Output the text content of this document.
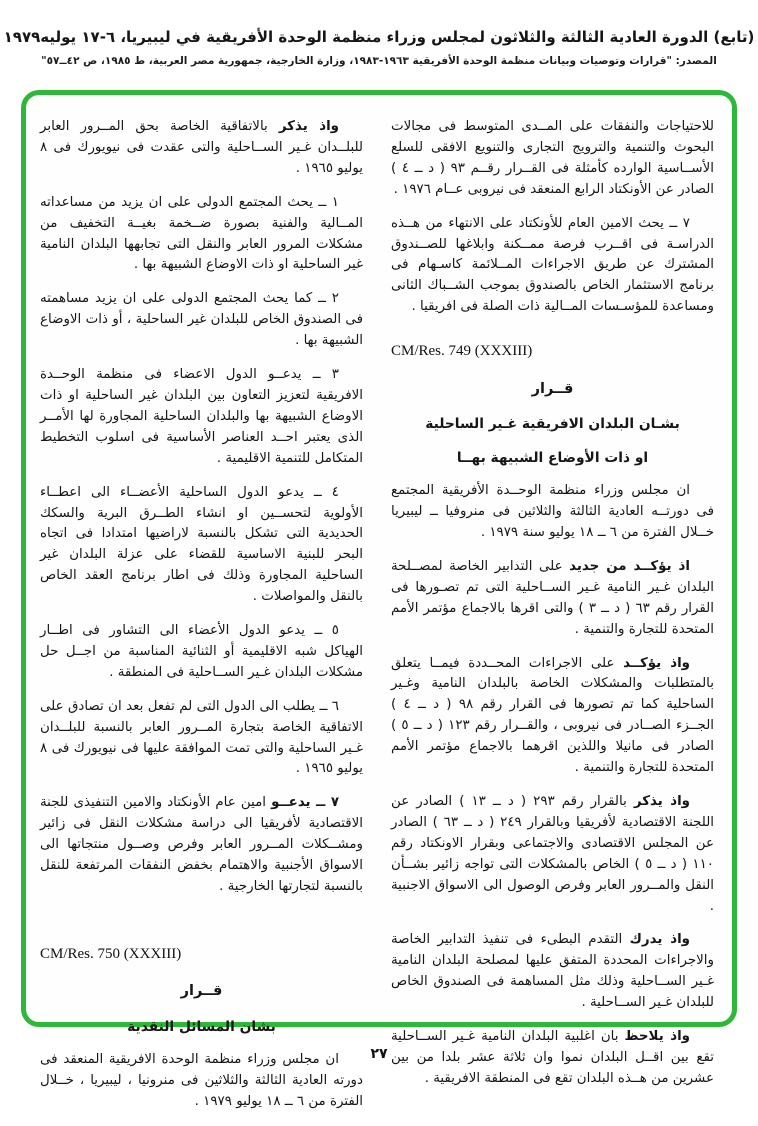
(تابع) الدورة العادية الثالثة والثلاثون لمجلس وزراء منظمة الوحدة الأفريقية في ليبيريا، ٦-١٧ يوليه١٩٧٩
المصدر: "قرارات وتوصيات وبيانات منظمة الوحدة الأفريقية ١٩٦٣-١٩٨٣، وزارة الخارجية، جمهورية مصر العربية، ط ١٩٨٥، ص ٤٢ــ٥٧"

للاحتياجات والنفقات على المــدى المتوسط فى مجالات البحوث والتنمية والترويج التجارى والتنويع الافقى للسلع الأســاسية الوارده كأمثلة فى القــرار رقــم ٩٣ ( د ــ ٤ ) الصادر عن الأونكتاد الرابع المنعقد فى نيروبى عــام ١٩٧٦ .

٧ ــ يحث الامين العام للأونكتاد على الانتهاء من هــذه الدراسـة فى اقــرب فرصة ممــكنة وابلاغها للصــندوق المشترك عن طريق الاجراءات المــلائمة كاسـهام فى برنامج الاستثمار الخاص بالصندوق بموجب الشــباك الثانى ومساعدة للمؤسـسات المــالية ذات الصلة فى افريقيا .

CM/Res. 749 (XXXIII)

قــرار

بشـان البلدان الافريقية غـير الساحلية

او ذات الأوضاع الشبيهة بهــا

ان مجلس وزراء منظمة الوحــدة الأفريقية المجتمع فى دورتــه العادية الثالثة والثلاثين فى منروفيا ــ ليبيريا خــلال الفترة من ٦ ــ ١٨ يوليو سنة ١٩٧٩ .

اذ يؤكــد من جديد على التدابير الخاصة لمصــلحة البلدان غـير النامية غـير الســاحلية التى تم تصـورها فى القرار رقم ٦٣ ( د ــ ٣ ) والتى اقرها بالاجماع مؤتمر الأمم المتحدة للتجارة والتنمية .

واذ يؤكــد على الاجراءات المحــددة فيمــا يتعلق بالمتطلبات والمشكلات الخاصة بالبلدان النامية وغـير الساحلية كما تم تصورها فى القرار رقم ٩٨ ( د ــ ٤ ) الجــزء الصــادر فى نيروبى ، والقــرار رقم ١٢٣ ( د ــ ٥ ) الصادر فى مانيلا واللذين اقرهما بالاجماع مؤتمر الأمم المتحدة للتجارة والتنمية .

واذ يذكر بالقرار رقم ٢٩٣ ( د ــ ١٣ ) الصادر عن اللجنة الاقتصادية لأفريقيا وبالقرار ٢٤٩ ( د ــ ٦٣ ) الصادر عن المجلس الاقتصادى والاجتماعى وبقرار الاونكتاد رقم ١١٠ ( د ــ ٥ ) الخاص بالمشكلات التى تواجه زائير بشــأن النقل والمــرور العابر وفرص الوصول الى الاسواق الاجنبية .

واذ يدرك التقدم البطىء فى تنفيذ التدابير الخاصة والاجراءات المحددة المتفق عليها لمصلحة البلدان النامية غـير الســاحلية وذلك مثل المساهمة فى الصندوق الخاص للبلدان غـير الســاحلية .

واذ يلاحظ بان اغلبية البلدان النامية غـير الســاحلية تقع بين اقــل البلدان نموا وان ثلاثة عشر بلدا من بين عشرين من هــذه البلدان تقع فى المنطقة الافريقية .

واذ يذكر بالاتفاقية الخاصة بحق المــرور العابر للبلــدان غـير الســاحلية والتى عقدت فى نيويورك فى ٨ يوليو ١٩٦٥ .

١ ــ يحث المجتمع الدولى على ان يزيد من مساعداته المــالية والفنية بصورة ضــخمة بغيــة التخفيف من مشكلات المرور العابر والنقل التى تجابهها البلدان النامية غير الساحلية او ذات الاوضاع الشبيهة بها .

٢ ــ كما يحث المجتمع الدولى على ان يزيد مساهمته فى الصندوق الخاص للبلدان غير الساحلية ، أو ذات الاوضاع الشبيهة بها .

٣ ــ يدعــو الدول الاعضاء فى منظمة الوحــدة الافريقية لتعزيز التعاون بين البلدان غير الساحلية او ذات الاوضاع الشبيهة بها والبلدان الساحلية المجاورة لها الأمــر الذى يعتبر احــد العناصر الأساسية فى اسلوب التخطيط المتكامل للتنمية الاقليمية .

٤ ــ يدعو الدول الساحلية الأعضــاء الى اعطــاء الأولوية لتحســين او انشاء الطــرق البرية والسكك الحديدية التى تشكل بالنسبة لاراضيها امتدادا فى اتجاه البحر للبنية الاساسية للقضاء على عزلة البلدان غير الساحلية المجاورة وذلك فى اطار برنامج العقد الخاص بالنقل والمواصلات .

٥ ــ يدعو الدول الأعضاء الى التشاور فى اطــار الهياكل شبه الاقليمية أو الثنائية المناسبة من اجــل حل مشكلات البلدان غـير الســاحلية فى المنطقة .

٦ ــ يطلب الى الدول التى لم تفعل بعد ان تصادق على الاتفاقية الخاصة بتجارة المــرور العابر بالنسبة للبلــدان غـير الساحلية والتى تمت الموافقة عليها فى نيويورك فى ٨ يوليو ١٩٦٥ .

٧ ــ يدعــو امين عام الأونكتاد والامين التنفيذى للجنة الاقتصادية لأفريقيا الى دراسة مشكلات النقل فى زائير ومشــكلات المــرور العابر وفرص وصــول منتجاتها الى الاسواق الأجنبية والاهتمام بخفض النفقات المرتفعة للنقل بالنسبة لتجارتها الخارجية .

CM/Res. 750 (XXXIII)

قــرار

بشان المسائل النقدية

ان مجلس وزراء منظمة الوحدة الافريقية المنعقد فى دورته العادية الثالثة والثلاثين فى منرونيا ، ليبيريا ، خــلال الفترة من ٦ ــ ١٨ يوليو ١٩٧٩ .

٢٧
